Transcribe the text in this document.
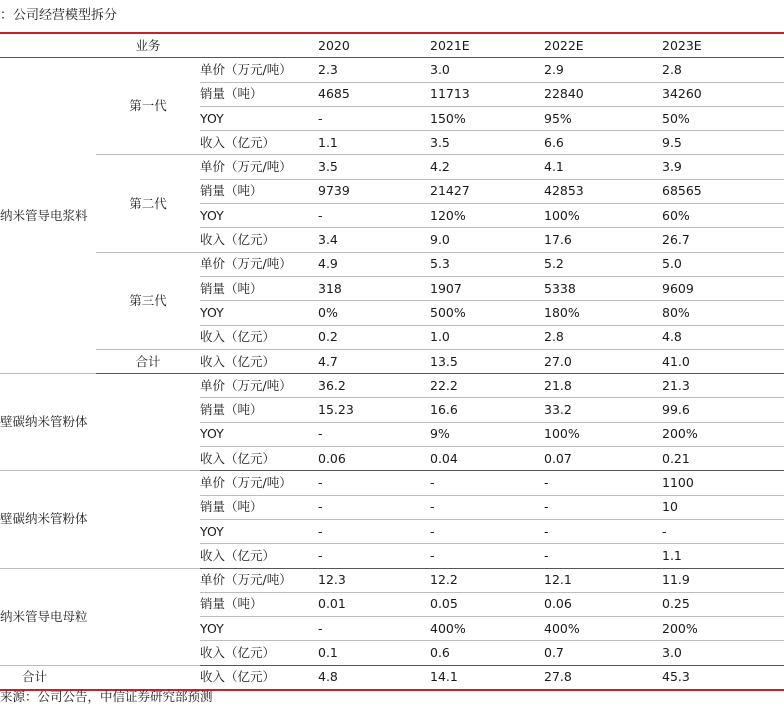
：公司经营模型拆分
	业务		2020	2021E	2022E	2023E
纳米管导电浆料	第一代	单价（万元/吨）	2.3	3.0	2.9	2.8
		销量（吨）	4685	11713	22840	34260
		YOY	-	150%	95%	50%
		收入（亿元）	1.1	3.5	6.6	9.5
	第二代	单价（万元/吨）	3.5	4.2	4.1	3.9
		销量（吨）	9739	21427	42853	68565
		YOY	-	120%	100%	60%
		收入（亿元）	3.4	9.0	17.6	26.7
	第三代	单价（万元/吨）	4.9	5.3	5.2	5.0
		销量（吨）	318	1907	5338	9609
		YOY	0%	500%	180%	80%
		收入（亿元）	0.2	1.0	2.8	4.8
	合计	收入（亿元）	4.7	13.5	27.0	41.0
壁碳纳米管粉体		单价（万元/吨）	36.2	22.2	21.8	21.3
		销量（吨）	15.23	16.6	33.2	99.6
		YOY	-	9%	100%	200%
		收入（亿元）	0.06	0.04	0.07	0.21
壁碳纳米管粉体		单价（万元/吨）	-	-	-	1100
		销量（吨）	-	-	-	10
		YOY	-	-	-	-
		收入（亿元）	-	-	-	1.1
纳米管导电母粒		单价（万元/吨）	12.3	12.2	12.1	11.9
		销量（吨）	0.01	0.05	0.06	0.25
		YOY	-	400%	400%	200%
		收入（亿元）	0.1	0.6	0.7	3.0
合计		收入（亿元）	4.8	14.1	27.8	45.3
来源：公司公告，中信证券研究部预测
